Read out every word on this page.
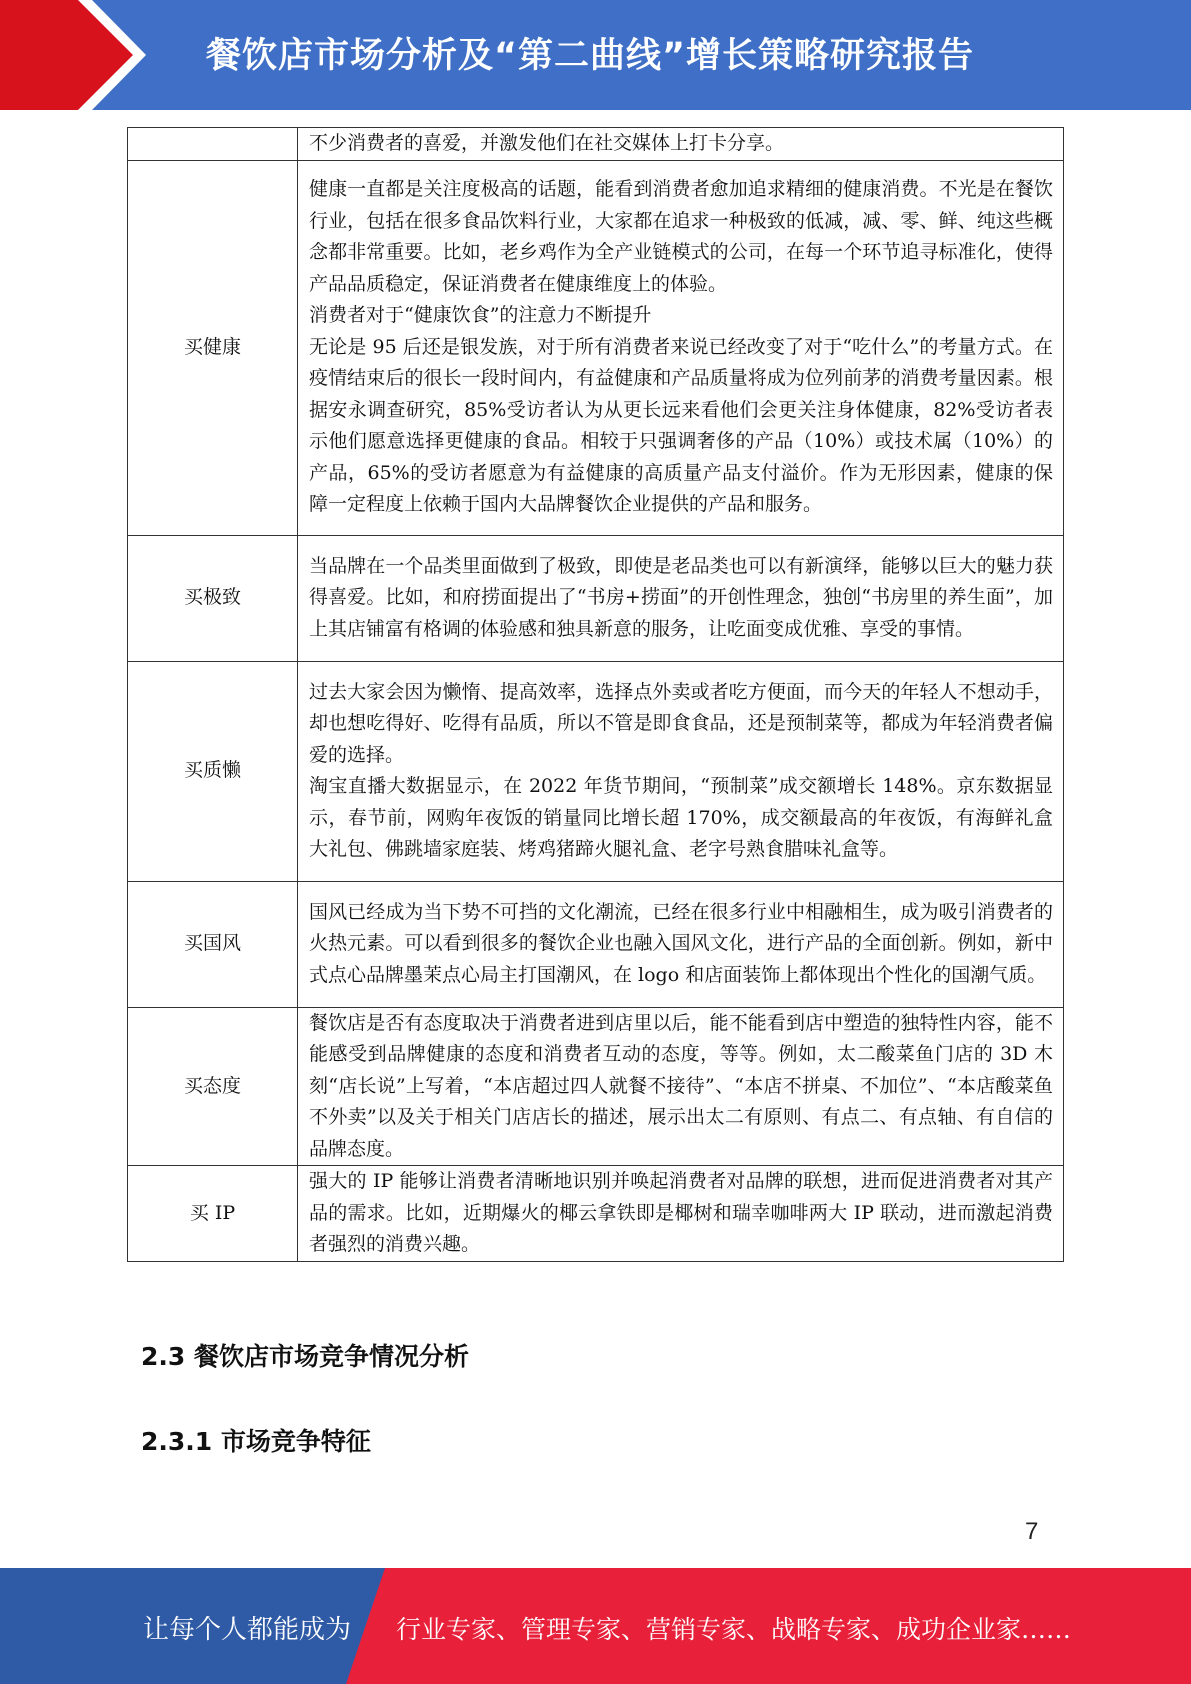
餐饮店市场分析及“第二曲线”增长策略研究报告

	不少消费者的喜爱，并激发他们在社交媒体上打卡分享。

买健康	健康一直都是关注度极高的话题，能看到消费者愈加追求精细的健康消费。不光是在餐饮行业，包括在很多食品饮料行业，大家都在追求一种极致的低减，减、零、鲜、纯这些概念都非常重要。比如，老乡鸡作为全产业链模式的公司，在每一个环节追寻标准化，使得产品品质稳定，保证消费者在健康维度上的体验。
消费者对于“健康饮食”的注意力不断提升
无论是 95 后还是银发族，对于所有消费者来说已经改变了对于“吃什么”的考量方式。在疫情结束后的很长一段时间内，有益健康和产品质量将成为位列前茅的消费考量因素。根据安永调查研究，85%受访者认为从更长远来看他们会更关注身体健康，82%受访者表示他们愿意选择更健康的食品。相较于只强调奢侈的产品（10%）或技术属（10%）的产品，65%的受访者愿意为有益健康的高质量产品支付溢价。作为无形因素，健康的保障一定程度上依赖于国内大品牌餐饮企业提供的产品和服务。

买极致	当品牌在一个品类里面做到了极致，即使是老品类也可以有新演绎，能够以巨大的魅力获得喜爱。比如，和府捞面提出了“书房+捞面”的开创性理念，独创“书房里的养生面”，加上其店铺富有格调的体验感和独具新意的服务，让吃面变成优雅、享受的事情。

买质懒	过去大家会因为懒惰、提高效率，选择点外卖或者吃方便面，而今天的年轻人不想动手，却也想吃得好、吃得有品质，所以不管是即食食品，还是预制菜等，都成为年轻消费者偏爱的选择。
淘宝直播大数据显示，在 2022 年货节期间，“预制菜”成交额增长 148%。京东数据显示，春节前，网购年夜饭的销量同比增长超 170%，成交额最高的年夜饭，有海鲜礼盒大礼包、佛跳墙家庭装、烤鸡猪蹄火腿礼盒、老字号熟食腊味礼盒等。

买国风	国风已经成为当下势不可挡的文化潮流，已经在很多行业中相融相生，成为吸引消费者的火热元素。可以看到很多的餐饮企业也融入国风文化，进行产品的全面创新。例如，新中式点心品牌墨茉点心局主打国潮风，在 logo 和店面装饰上都体现出个性化的国潮气质。

买态度	餐饮店是否有态度取决于消费者进到店里以后，能不能看到店中塑造的独特性内容，能不能感受到品牌健康的态度和消费者互动的态度，等等。例如，太二酸菜鱼门店的 3D 木刻“店长说”上写着，“本店超过四人就餐不接待”、“本店不拼桌、不加位”、“本店酸菜鱼不外卖”以及关于相关门店店长的描述，展示出太二有原则、有点二、有点轴、有自信的品牌态度。

买 IP	强大的 IP 能够让消费者清晰地识别并唤起消费者对品牌的联想，进而促进消费者对其产品的需求。比如，近期爆火的椰云拿铁即是椰树和瑞幸咖啡两大 IP 联动，进而激起消费者强烈的消费兴趣。
2.3 餐饮店市场竞争情况分析
2.3.1 市场竞争特征
7
让每个人都能成为 行业专家、管理专家、营销专家、战略专家、成功企业家……
